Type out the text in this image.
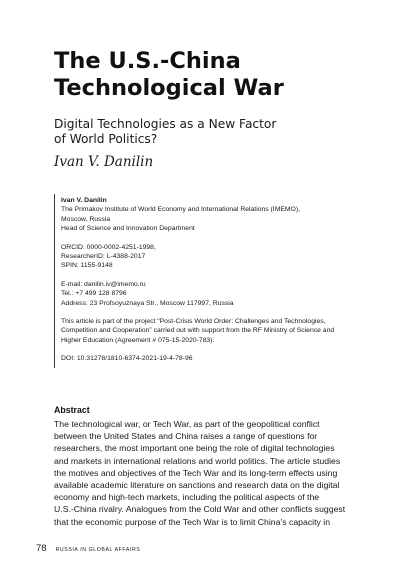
The U.S.-China
Technological War
Digital Technologies as a New Factor
of World Politics?
Ivan V. Danilin
Ivan V. Danilin
The Primakov Institute of World Economy and International Relations (IMEMO),
Moscow, Russia
Head of Science and Innovation Department
ORCID: 0000-0002-4251-1998,
ResearcherID: L-4388-2017
SPIN: 1155-9148
E-mail: danilin.iv@imemo.ru
Tel.: +7 499 128 8796
Address: 23 Profsoyuznaya Str., Moscow 117997, Russia
This article is part of the project “Post-Crisis World Order: Challenges and Technologies,
Competition and Cooperation” carried out with support from the RF Ministry of Science and
Higher Education (Agreement # 075-15-2020-783).
DOI: 10.31278/1810-6374-2021-19-4-78-96
Abstract
The technological war, or Tech War, as part of the geopolitical conflict
between the United States and China raises a range of questions for
researchers, the most important one being the role of digital technologies
and markets in international relations and world politics. The article studies
the motives and objectives of the Tech War and its long-term effects using
available academic literature on sanctions and research data on the digital
economy and high-tech markets, including the political aspects of the
U.S.-China rivalry. Analogues from the Cold War and other conflicts suggest
that the economic purpose of the Tech War is to limit China’s capacity in
78 RUSSIA IN GLOBAL AFFAIRS
